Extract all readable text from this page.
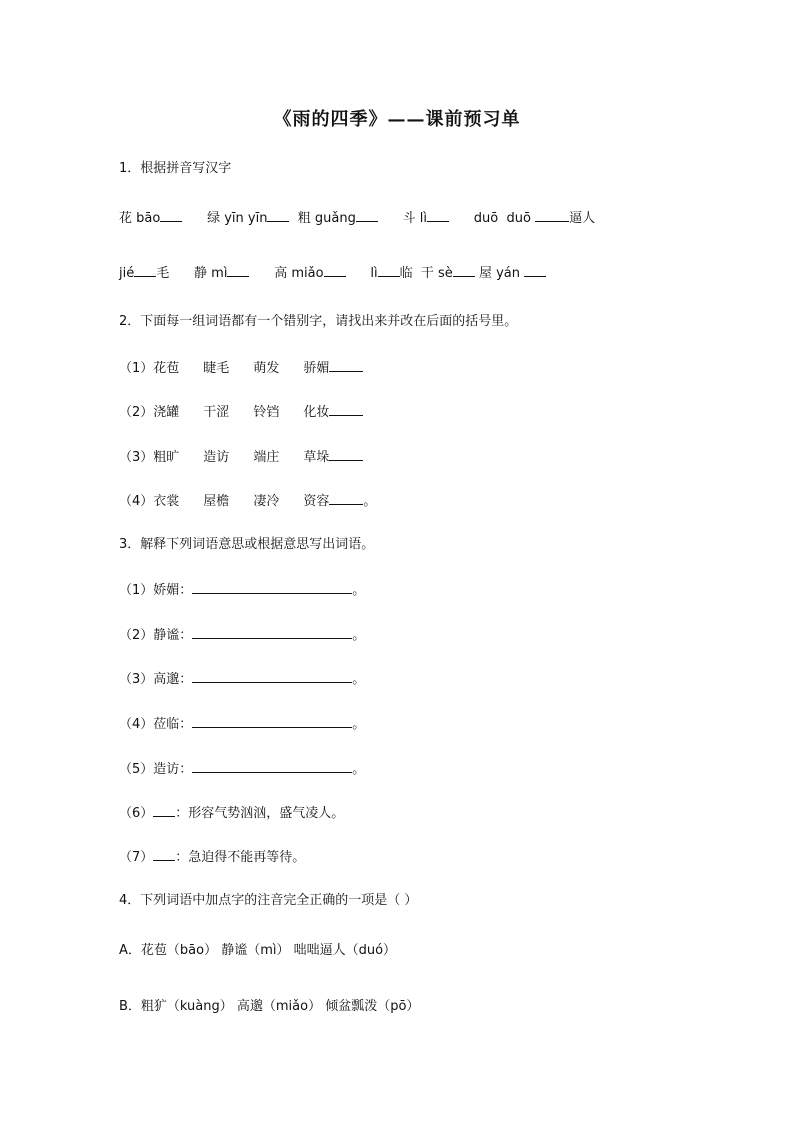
《雨的四季》——课前预习单
1．根据拼音写汉字
花 bāo	绿 yīn yīn 粗 guǎng	斗 lì	duō  duō	逼人
jié 毛 静 mì	高 miǎo	lì 临 干 sè 屋 yán
2．下面每一组词语都有一个错别字，请找出来并改在后面的括号里。
（1）花苞 睫毛 萌发 骄媚
（2）浇罐 干涩 铃铛 化妆
（3）粗旷 造访 端庄 草垛
（4）衣裳 屋檐 凄冷 资容	。
3．解释下列词语意思或根据意思写出词语。
（1）娇媚：	。
（2）静谧：	。
（3）高邈：	。
（4）莅临：	。
（5）造访：	。
（6） ：形容气势汹汹，盛气凌人。
（7） ：急迫得不能再等待。
4．下列词语中加点字的注音完全正确的一项是（ ）
A．花苞（bāo） 静谧（mì） 咄咄逼人（duó）
B．粗犷（kuàng） 高邈（miǎo） 倾盆瓢泼（pō）
